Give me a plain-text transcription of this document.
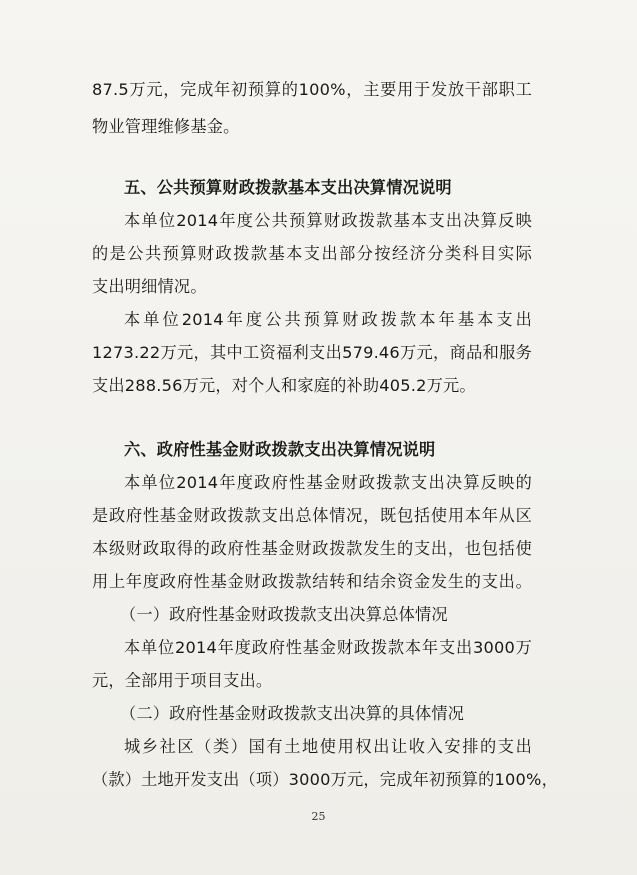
87.5万元，完成年初预算的100%，主要用于发放干部职工
物业管理维修基金。
五、公共预算财政拨款基本支出决算情况说明
本单位2014年度公共预算财政拨款基本支出决算反映
的是公共预算财政拨款基本支出部分按经济分类科目实际
支出明细情况。
本单位2014年度公共预算财政拨款本年基本支出
1273.22万元，其中工资福利支出579.46万元，商品和服务
支出288.56万元，对个人和家庭的补助405.2万元。
六、政府性基金财政拨款支出决算情况说明
本单位2014年度政府性基金财政拨款支出决算反映的
是政府性基金财政拨款支出总体情况，既包括使用本年从区
本级财政取得的政府性基金财政拨款发生的支出，也包括使
用上年度政府性基金财政拨款结转和结余资金发生的支出。
（一）政府性基金财政拨款支出决算总体情况
本单位2014年度政府性基金财政拨款本年支出3000万
元，全部用于项目支出。
（二）政府性基金财政拨款支出决算的具体情况
城乡社区（类）国有土地使用权出让收入安排的支出
（款）土地开发支出（项）3000万元，完成年初预算的100%，
25
